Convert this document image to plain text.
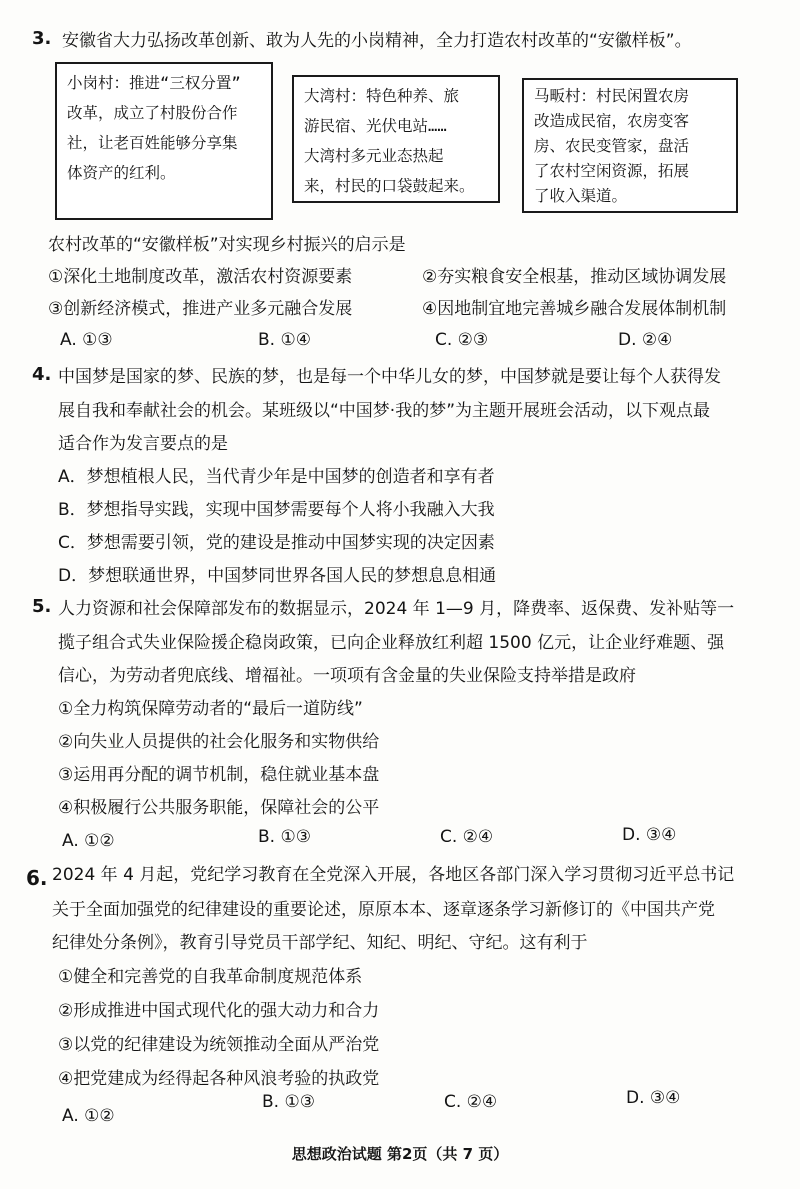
3. 安徽省大力弘扬改革创新、敢为人先的小岗精神，全力打造农村改革的“安徽样板”。
小岗村：推进“三权分置”
改革，成立了村股份合作
社，让老百姓能够分享集
体资产的红利。
大湾村：特色种养、旅
游民宿、光伏电站……
大湾村多元业态热起
来，村民的口袋鼓起来。
马畈村：村民闲置农房
改造成民宿，农房变客
房、农民变管家，盘活
了农村空闲资源，拓展
了收入渠道。
农村改革的“安徽样板”对实现乡村振兴的启示是
①深化土地制度改革，激活农村资源要素	②夯实粮食安全根基，推动区域协调发展
③创新经济模式，推进产业多元融合发展	④因地制宜地完善城乡融合发展体制机制
A. ①③	B. ①④	C. ②③	D. ②④
4. 中国梦是国家的梦、民族的梦，也是每一个中华儿女的梦，中国梦就是要让每个人获得发
展自我和奉献社会的机会。某班级以“中国梦·我的梦”为主题开展班会活动，以下观点最
适合作为发言要点的是
A．梦想植根人民，当代青少年是中国梦的创造者和享有者
B．梦想指导实践，实现中国梦需要每个人将小我融入大我
C．梦想需要引领，党的建设是推动中国梦实现的决定因素
D．梦想联通世界，中国梦同世界各国人民的梦想息息相通
5. 人力资源和社会保障部发布的数据显示，2024 年 1—9 月，降费率、返保费、发补贴等一
揽子组合式失业保险援企稳岗政策，已向企业释放红利超 1500 亿元，让企业纾难题、强
信心，为劳动者兜底线、增福祉。一项项有含金量的失业保险支持举措是政府
①全力构筑保障劳动者的“最后一道防线”
②向失业人员提供的社会化服务和实物供给
③运用再分配的调节机制，稳住就业基本盘
④积极履行公共服务职能，保障社会的公平
A. ①②	B. ①③	C. ②④	D. ③④
6. 2024 年 4 月起，党纪学习教育在全党深入开展，各地区各部门深入学习贯彻习近平总书记
关于全面加强党的纪律建设的重要论述，原原本本、逐章逐条学习新修订的《中国共产党
纪律处分条例》，教育引导党员干部学纪、知纪、明纪、守纪。这有利于
①健全和完善党的自我革命制度规范体系
②形成推进中国式现代化的强大动力和合力
③以党的纪律建设为统领推动全面从严治党
④把党建成为经得起各种风浪考验的执政党
A. ①②
B. ①③	C. ②④	D. ③④
思想政治试题 第2页（共 7 页）
